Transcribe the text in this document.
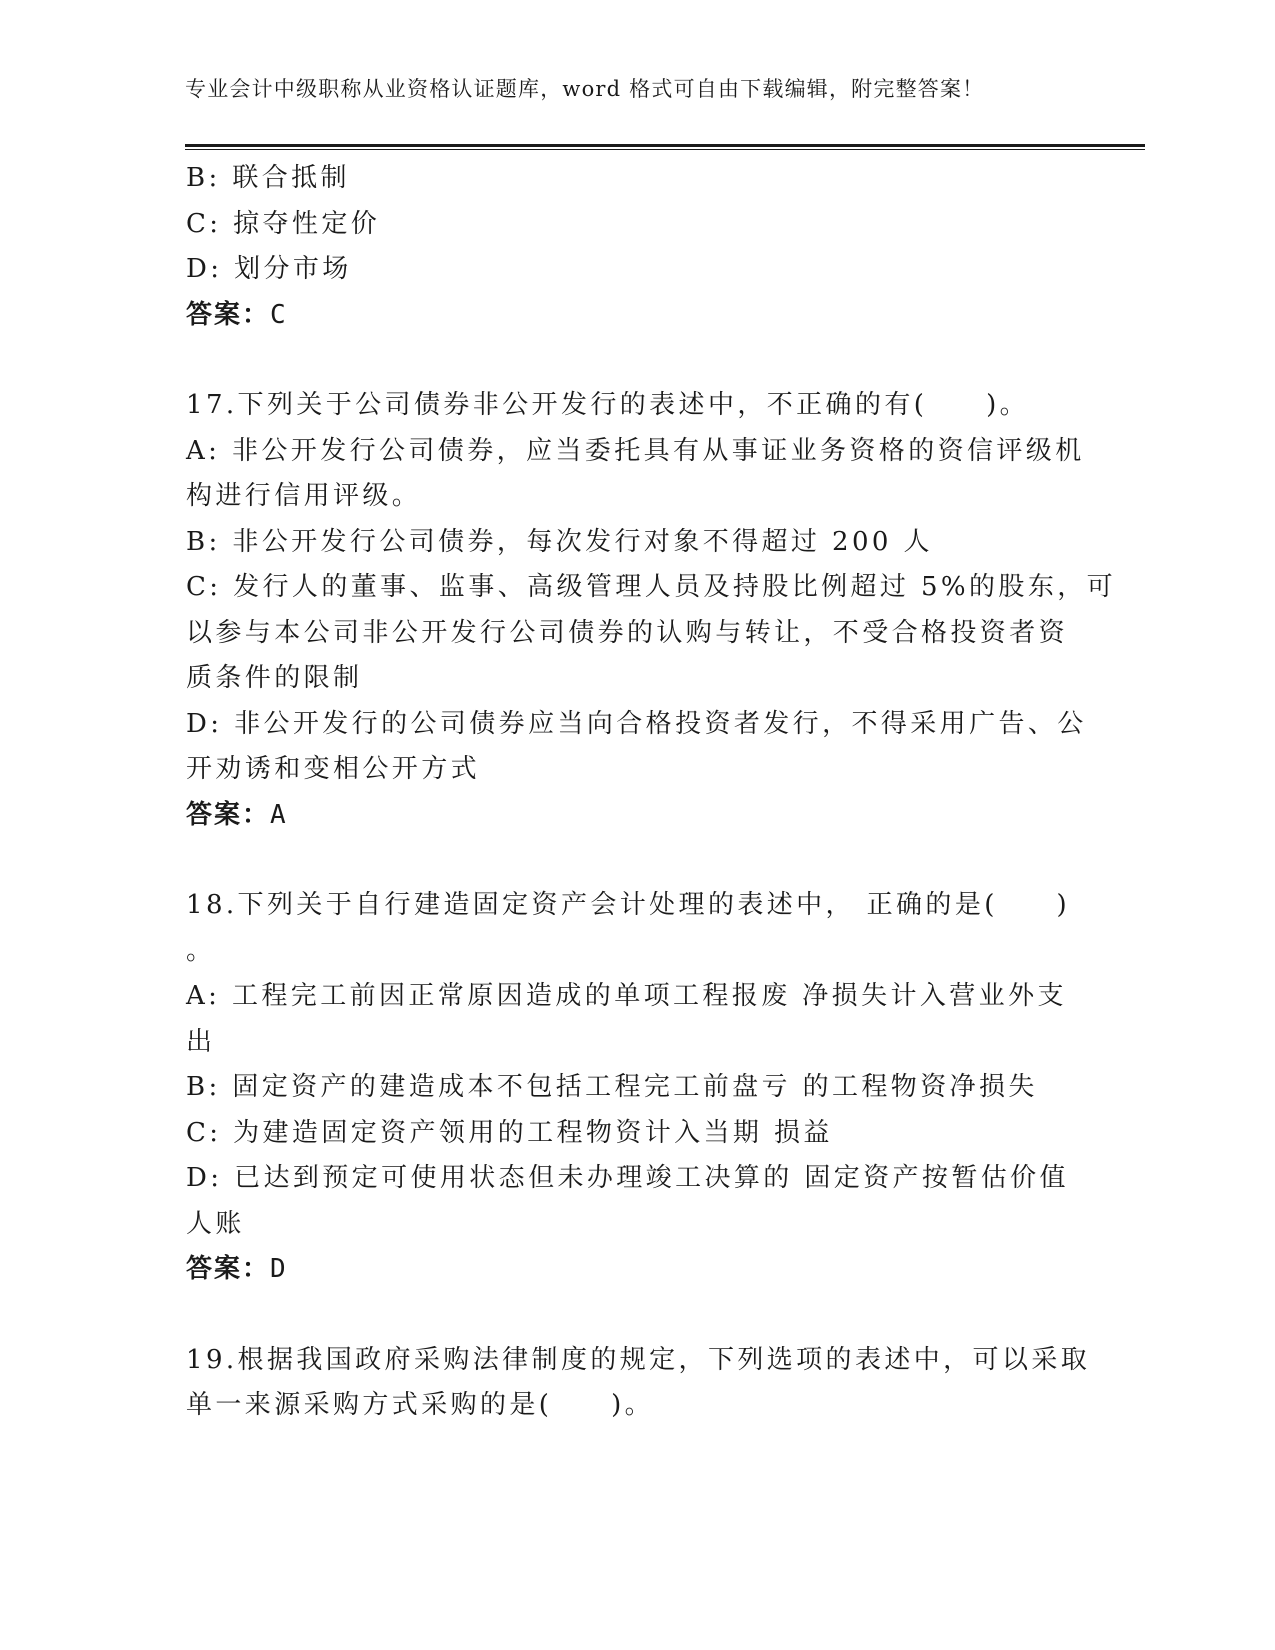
专业会计中级职称从业资格认证题库，word 格式可自由下载编辑，附完整答案！
B: 联合抵制
C: 掠夺性定价
D: 划分市场
答案：C
17.下列关于公司债券非公开发行的表述中，不正确的有(　　)。
A: 非公开发行公司债券，应当委托具有从事证业务资格的资信评级机
构进行信用评级。
B: 非公开发行公司债券，每次发行对象不得超过 200 人
C: 发行人的董事、监事、高级管理人员及持股比例超过 5%的股东，可
以参与本公司非公开发行公司债券的认购与转让，不受合格投资者资
质条件的限制
D: 非公开发行的公司债券应当向合格投资者发行，不得采用广告、公
开劝诱和变相公开方式
答案：A
18.下列关于自行建造固定资产会计处理的表述中， 正确的是(　　)
。
A: 工程完工前因正常原因造成的单项工程报废 净损失计入营业外支
出
B: 固定资产的建造成本不包括工程完工前盘亏 的工程物资净损失
C: 为建造固定资产领用的工程物资计入当期 损益
D: 已达到预定可使用状态但未办理竣工决算的 固定资产按暂估价值
人账
答案：D
19.根据我国政府采购法律制度的规定，下列选项的表述中，可以采取
单一来源采购方式采购的是(　　)。
